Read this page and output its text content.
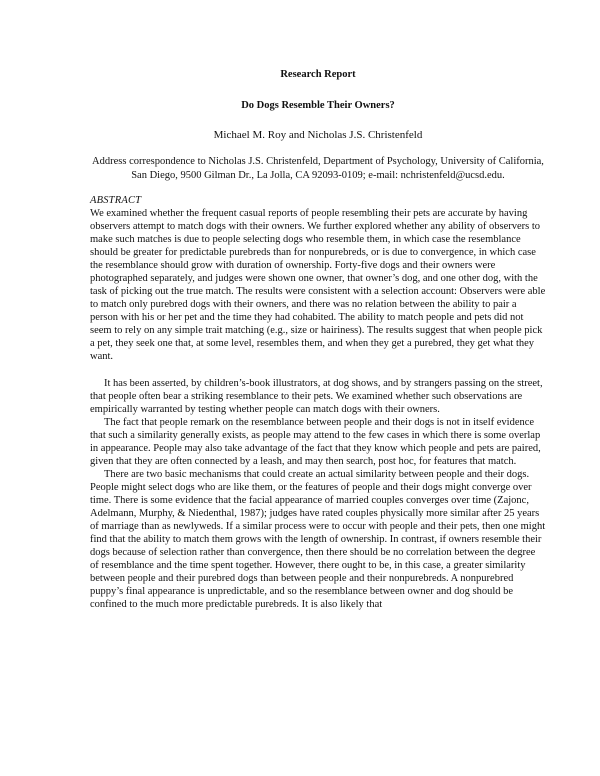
Research Report
Do Dogs Resemble Their Owners?
Michael M. Roy and Nicholas J.S. Christenfeld
Address correspondence to Nicholas J.S. Christenfeld, Department of Psychology, University of California, San Diego, 9500 Gilman Dr., La Jolla, CA 92093-0109; e-mail: nchristenfeld@ucsd.edu.
ABSTRACT

We examined whether the frequent casual reports of people resembling their pets are accurate by having observers attempt to match dogs with their owners. We further explored whether any ability of observers to make such matches is due to people selecting dogs who resemble them, in which case the resemblance should be greater for predictable purebreds than for nonpurebreds, or is due to convergence, in which case the resemblance should grow with duration of ownership. Forty-five dogs and their owners were photographed separately, and judges were shown one owner, that owner’s dog, and one other dog, with the task of picking out the true match. The results were consistent with a selection account: Observers were able to match only purebred dogs with their owners, and there was no relation between the ability to pair a person with his or her pet and the time they had cohabited. The ability to match people and pets did not seem to rely on any simple trait matching (e.g., size or hairiness). The results suggest that when people pick a pet, they seek one that, at some level, resembles them, and when they get a purebred, they get what they want.

It has been asserted, by children’s-book illustrators, at dog shows, and by strangers passing on the street, that people often bear a striking resemblance to their pets. We examined whether such observations are empirically warranted by testing whether people can match dogs with their owners.

The fact that people remark on the resemblance between people and their dogs is not in itself evidence that such a similarity generally exists, as people may attend to the few cases in which there is some overlap in appearance. People may also take advantage of the fact that they know which people and pets are paired, given that they are often connected by a leash, and may then search, post hoc, for features that match.

There are two basic mechanisms that could create an actual similarity between people and their dogs. People might select dogs who are like them, or the features of people and their dogs might converge over time. There is some evidence that the facial appearance of married couples converges over time (Zajonc, Adelmann, Murphy, & Niedenthal, 1987); judges have rated couples physically more similar after 25 years of marriage than as newlyweds. If a similar process were to occur with people and their pets, then one might find that the ability to match them grows with the length of ownership. In contrast, if owners resemble their dogs because of selection rather than convergence, then there should be no correlation between the degree of resemblance and the time spent together. However, there ought to be, in this case, a greater similarity between people and their purebred dogs than between people and their nonpurebreds. A nonpurebred puppy’s final appearance is unpredictable, and so the resemblance between owner and dog should be confined to the much more predictable purebreds. It is also likely that
